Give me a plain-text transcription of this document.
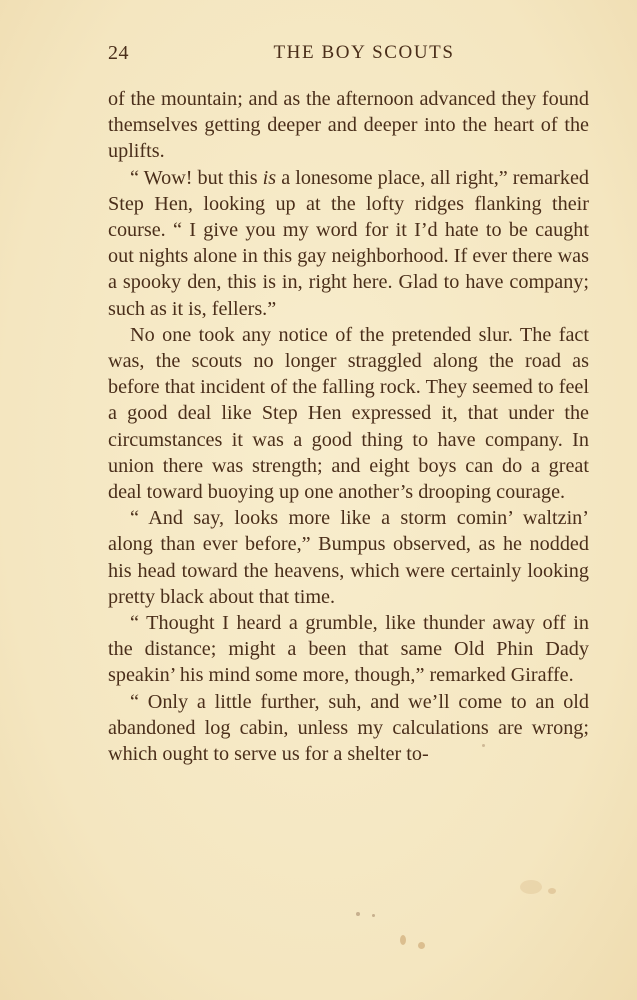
24	THE BOY SCOUTS

of the mountain; and as the afternoon advanced they found themselves getting deeper and deeper into the heart of the uplifts.

“ Wow! but this is a lonesome place, all right,” remarked Step Hen, looking up at the lofty ridges flanking their course. “ I give you my word for it I’d hate to be caught out nights alone in this gay neighborhood. If ever there was a spooky den, this is in, right here. Glad to have company; such as it is, fellers.”

No one took any notice of the pretended slur. The fact was, the scouts no longer straggled along the road as before that incident of the falling rock. They seemed to feel a good deal like Step Hen expressed it, that under the circumstances it was a good thing to have company. In union there was strength; and eight boys can do a great deal toward buoying up one another’s drooping courage.

“ And say, looks more like a storm comin’ waltzin’ along than ever before,” Bumpus observed, as he nodded his head toward the heavens, which were certainly looking pretty black about that time.

“ Thought I heard a grumble, like thunder away off in the distance; might a been that same Old Phin Dady speakin’ his mind some more, though,” remarked Giraffe.

“ Only a little further, suh, and we’ll come to an old abandoned log cabin, unless my calculations are wrong; which ought to serve us for a shelter to-
